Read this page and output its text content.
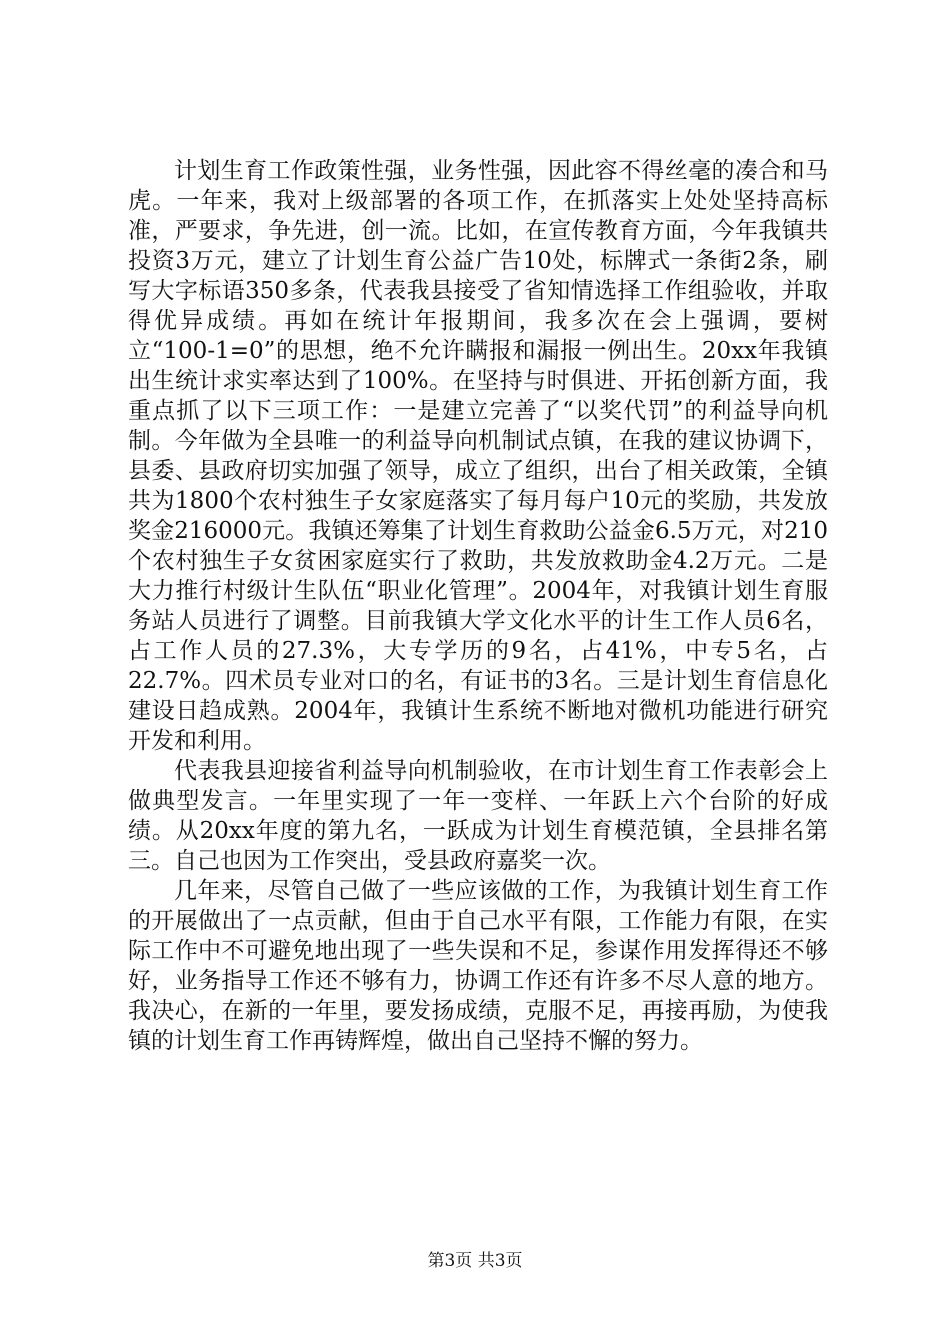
计划生育工作政策性强，业务性强，因此容不得丝毫的凑合和马虎。一年来，我对上级部署的各项工作，在抓落实上处处坚持高标准，严要求，争先进，创一流。比如，在宣传教育方面，今年我镇共投资3万元，建立了计划生育公益广告10处，标牌式一条街2条，刷写大字标语350多条，代表我县接受了省知情选择工作组验收，并取得优异成绩。再如在统计年报期间，我多次在会上强调，要树立“100-1=0”的思想，绝不允许瞒报和漏报一例出生。20xx年我镇出生统计求实率达到了100%。在坚持与时俱进、开拓创新方面，我重点抓了以下三项工作：一是建立完善了“以奖代罚”的利益导向机制。今年做为全县唯一的利益导向机制试点镇，在我的建议协调下，县委、县政府切实加强了领导，成立了组织，出台了相关政策，全镇共为1800个农村独生子女家庭落实了每月每户10元的奖励，共发放奖金216000元。我镇还筹集了计划生育救助公益金6.5万元，对210个农村独生子女贫困家庭实行了救助，共发放救助金4.2万元。二是大力推行村级计生队伍“职业化管理”。2004年，对我镇计划生育服务站人员进行了调整。目前我镇大学文化水平的计生工作人员6名，占工作人员的27.3%，大专学历的9名，占41%，中专5名，占22.7%。四术员专业对口的名，有证书的3名。三是计划生育信息化建设日趋成熟。2004年，我镇计生系统不断地对微机功能进行研究开发和利用。

代表我县迎接省利益导向机制验收，在市计划生育工作表彰会上做典型发言。一年里实现了一年一变样、一年跃上六个台阶的好成绩。从20xx年度的第九名，一跃成为计划生育模范镇，全县排名第三。自己也因为工作突出，受县政府嘉奖一次。

几年来，尽管自己做了一些应该做的工作，为我镇计划生育工作的开展做出了一点贡献，但由于自己水平有限，工作能力有限，在实际工作中不可避免地出现了一些失误和不足，参谋作用发挥得还不够好，业务指导工作还不够有力，协调工作还有许多不尽人意的地方。我决心，在新的一年里，要发扬成绩，克服不足，再接再励，为使我镇的计划生育工作再铸辉煌，做出自己坚持不懈的努力。

第3页 共3页
